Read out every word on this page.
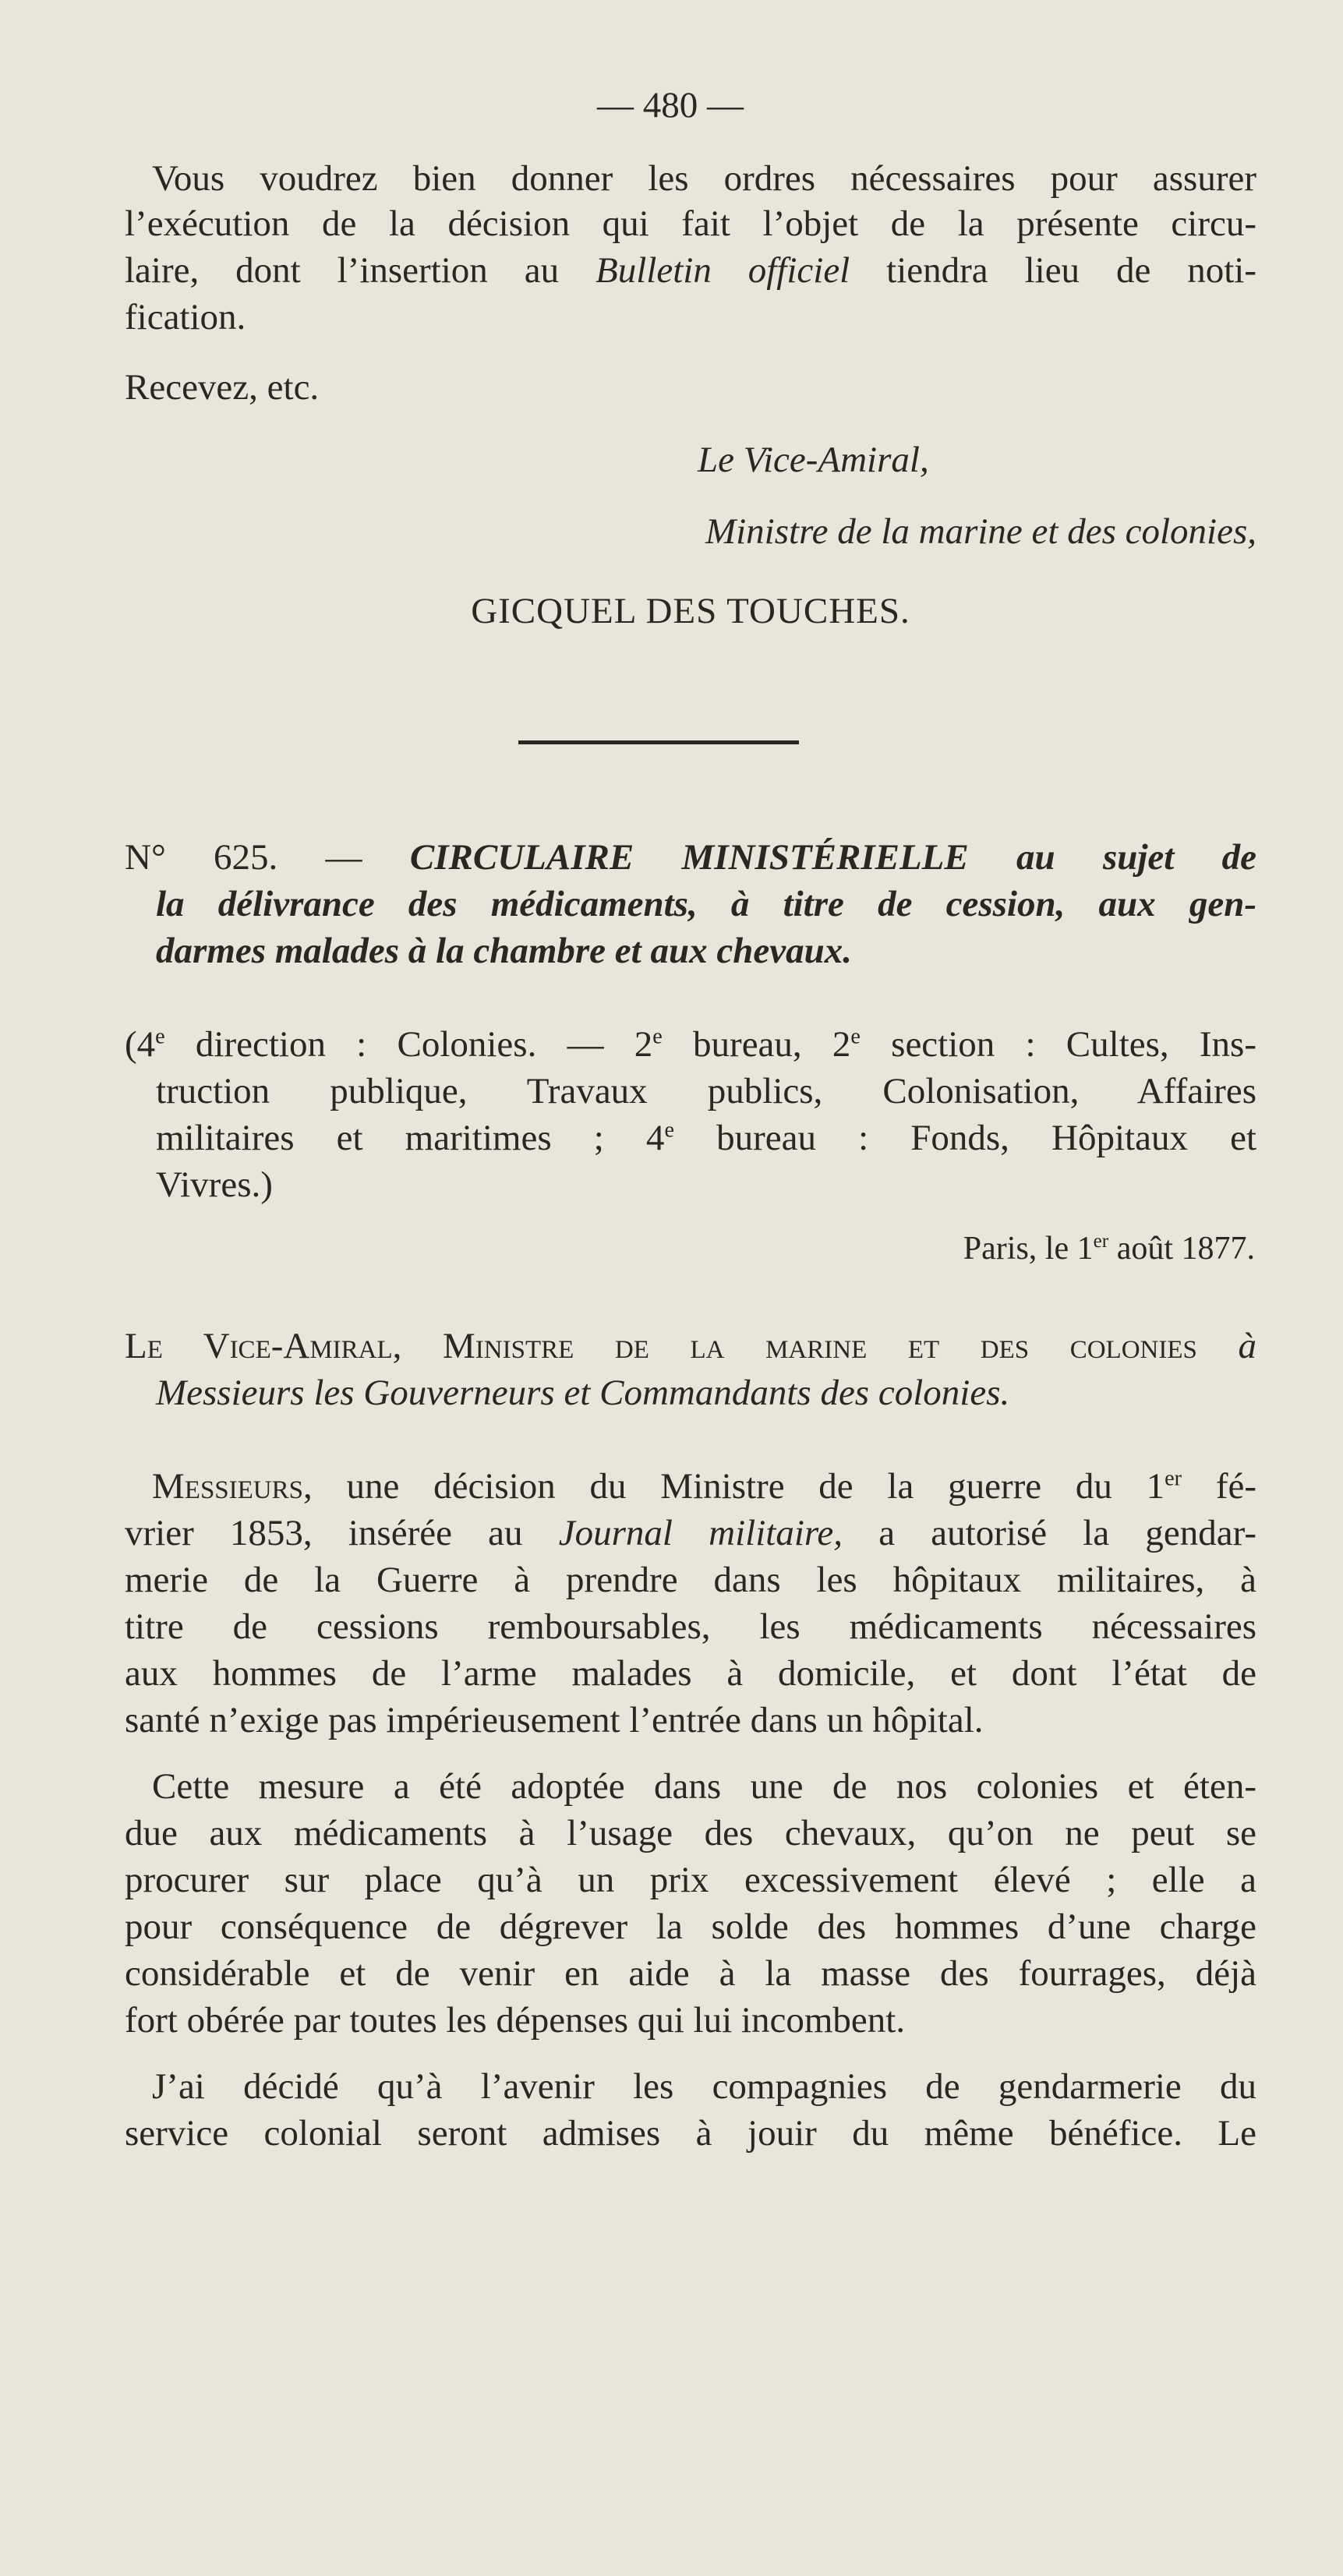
— 480 —
Vous voudrez bien donner les ordres nécessaires pour assurer
l’exécution de la décision qui fait l’objet de la présente circu-
laire, dont l’insertion au Bulletin officiel tiendra lieu de noti-
fication.
Recevez, etc.
Le Vice-Amiral,
Ministre de la marine et des colonies,
GICQUEL DES TOUCHES.
N° 625. — CIRCULAIRE MINISTÉRIELLE au sujet de
la délivrance des médicaments, à titre de cession, aux gen-
darmes malades à la chambre et aux chevaux.
(4e direction : Colonies. — 2e bureau, 2e section : Cultes, Ins-
truction publique, Travaux publics, Colonisation, Affaires
militaires et maritimes ; 4e bureau : Fonds, Hôpitaux et
Vivres.)
Paris, le 1er août 1877.
Le Vice-Amiral, Ministre de la marine et des colonies à
Messieurs les Gouverneurs et Commandants des colonies.
Messieurs, une décision du Ministre de la guerre du 1er fé-
vrier 1853, insérée au Journal militaire, a autorisé la gendar-
merie de la Guerre à prendre dans les hôpitaux militaires, à
titre de cessions remboursables, les médicaments nécessaires
aux hommes de l’arme malades à domicile, et dont l’état de
santé n’exige pas impérieusement l’entrée dans un hôpital.
Cette mesure a été adoptée dans une de nos colonies et éten-
due aux médicaments à l’usage des chevaux, qu’on ne peut se
procurer sur place qu’à un prix excessivement élevé ; elle a
pour conséquence de dégrever la solde des hommes d’une charge
considérable et de venir en aide à la masse des fourrages, déjà
fort obérée par toutes les dépenses qui lui incombent.
J’ai décidé qu’à l’avenir les compagnies de gendarmerie du
service colonial seront admises à jouir du même bénéfice. Le
